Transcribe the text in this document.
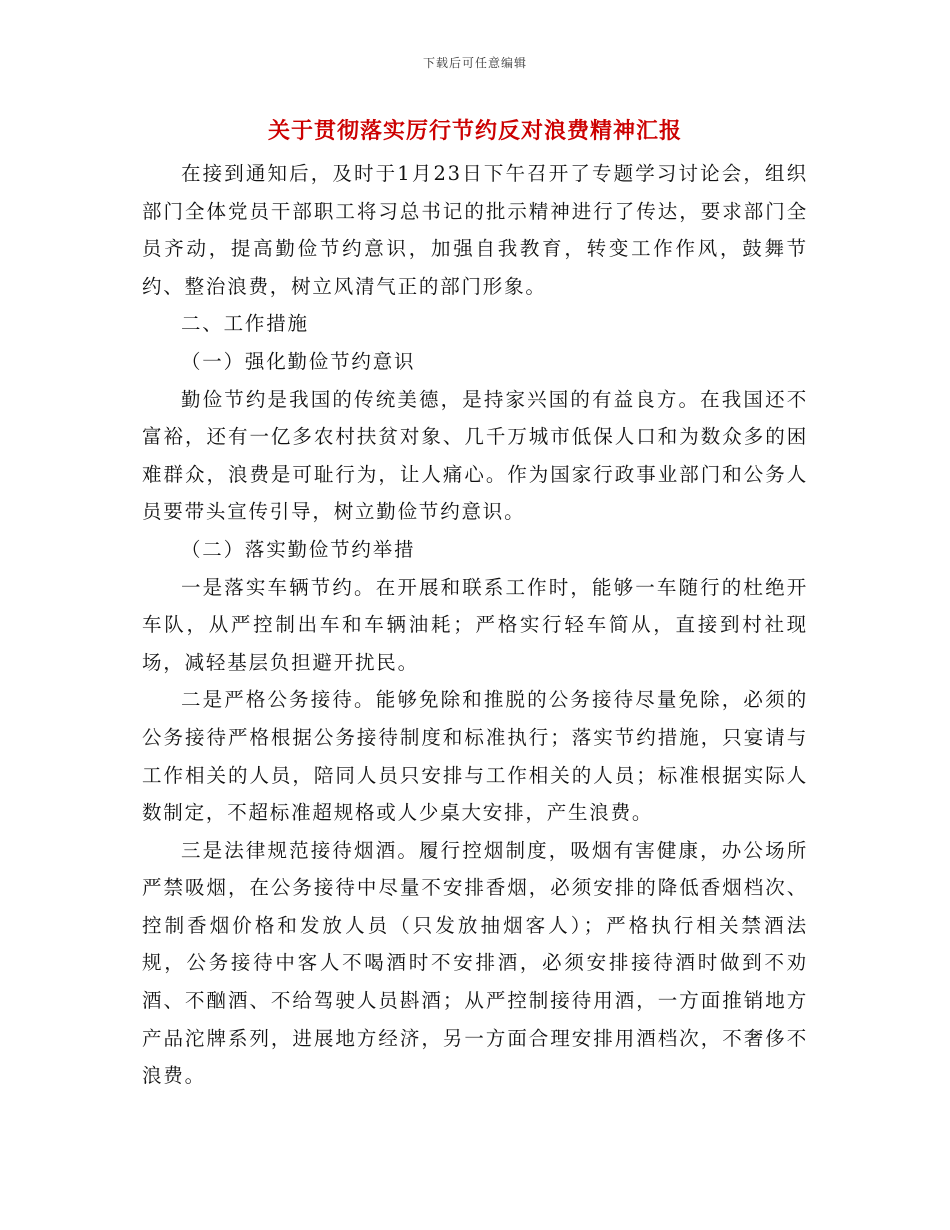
下载后可任意编辑
关于贯彻落实厉行节约反对浪费精神汇报

在接到通知后，及时于1月23日下午召开了专题学习讨论会，组织部门全体党员干部职工将习总书记的批示精神进行了传达，要求部门全员齐动，提高勤俭节约意识，加强自我教育，转变工作作风，鼓舞节约、整治浪费，树立风清气正的部门形象。

二、工作措施

（一）强化勤俭节约意识

勤俭节约是我国的传统美德，是持家兴国的有益良方。在我国还不富裕，还有一亿多农村扶贫对象、几千万城市低保人口和为数众多的困难群众，浪费是可耻行为，让人痛心。作为国家行政事业部门和公务人员要带头宣传引导，树立勤俭节约意识。

（二）落实勤俭节约举措

一是落实车辆节约。在开展和联系工作时，能够一车随行的杜绝开车队，从严控制出车和车辆油耗；严格实行轻车简从，直接到村社现场，减轻基层负担避开扰民。

二是严格公务接待。能够免除和推脱的公务接待尽量免除，必须的公务接待严格根据公务接待制度和标准执行；落实节约措施，只宴请与工作相关的人员，陪同人员只安排与工作相关的人员；标准根据实际人数制定，不超标准超规格或人少桌大安排，产生浪费。

三是法律规范接待烟酒。履行控烟制度，吸烟有害健康，办公场所严禁吸烟，在公务接待中尽量不安排香烟，必须安排的降低香烟档次、控制香烟价格和发放人员（只发放抽烟客人）；严格执行相关禁酒法规，公务接待中客人不喝酒时不安排酒，必须安排接待酒时做到不劝酒、不酗酒、不给驾驶人员斟酒；从严控制接待用酒，一方面推销地方产品沱牌系列，进展地方经济，另一方面合理安排用酒档次，不奢侈不浪费。
